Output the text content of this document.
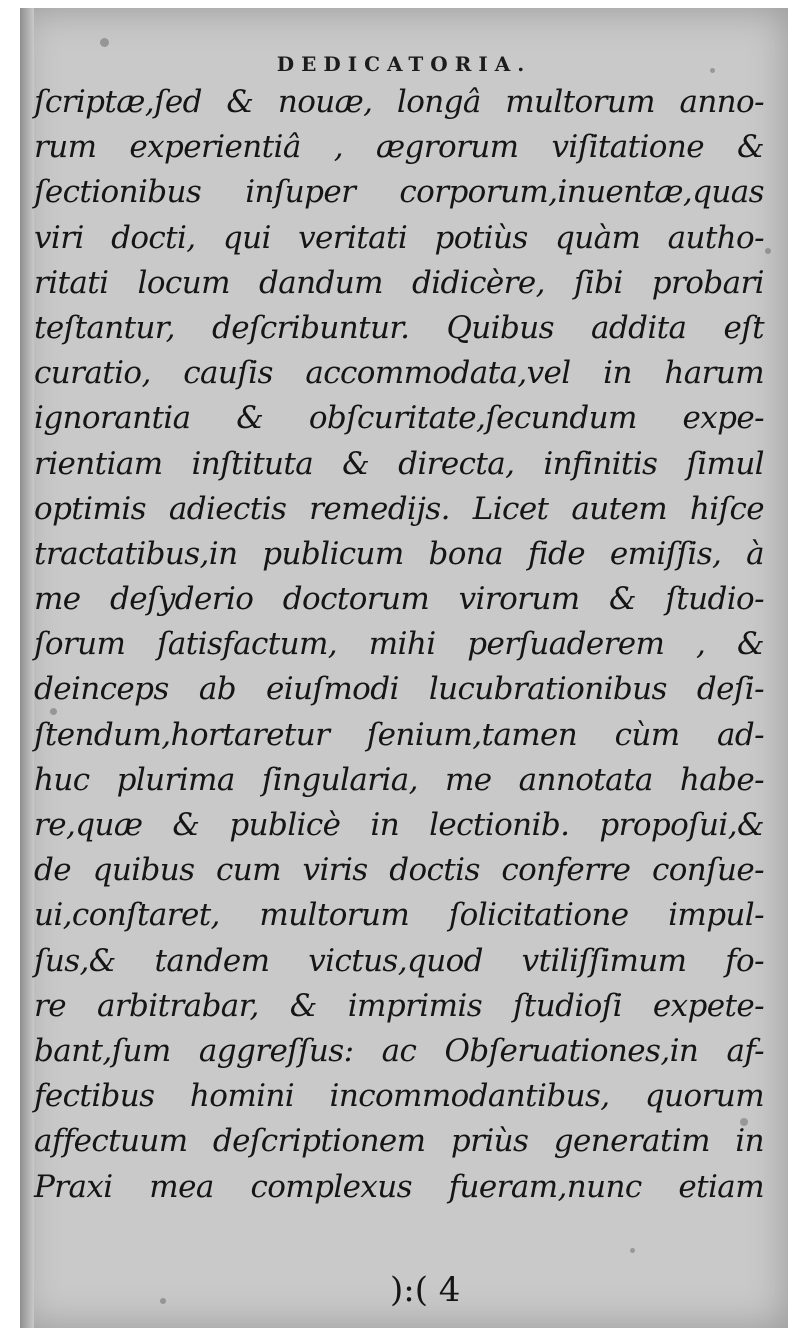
DEDICATORIA.
ſcriptæ,ſed & nouæ, longâ multorum anno-
rum experientiâ , ægrorum viſitatione &
ſectionibus inſuper corporum,inuentæ,quas
viri docti, qui veritati potiùs quàm autho-
ritati locum dandum didicère, ſibi probari
teſtantur, deſcribuntur. Quibus addita eſt
curatio, cauſis accommodata,vel in harum
ignorantia & obſcuritate,ſecundum expe-
rientiam inſtituta & directa, infinitis ſimul
optimis adiectis remedijs. Licet autem hiſce
tractatibus,in publicum bona fide emiſſis, à
me deſyderio doctorum virorum & ſtudio-
ſorum ſatisfactum, mihi perſuaderem , &
deinceps ab eiuſmodi lucubrationibus deſi-
ſtendum,hortaretur ſenium,tamen cùm ad-
huc plurima ſingularia, me annotata habe-
re,quæ & publicè in lectionib. propoſui,&
de quibus cum viris doctis conferre conſue-
ui,conſtaret, multorum ſolicitatione impul-
ſus,& tandem victus,quod vtiliſſimum fo-
re arbitrabar, & imprimis ſtudioſi expete-
bant,ſum aggreſſus: ac Obſeruationes,in af-
fectibus homini incommodantibus, quorum
affectuum deſcriptionem priùs generatim in
Praxi mea complexus fueram,nunc etiam
):( 4
